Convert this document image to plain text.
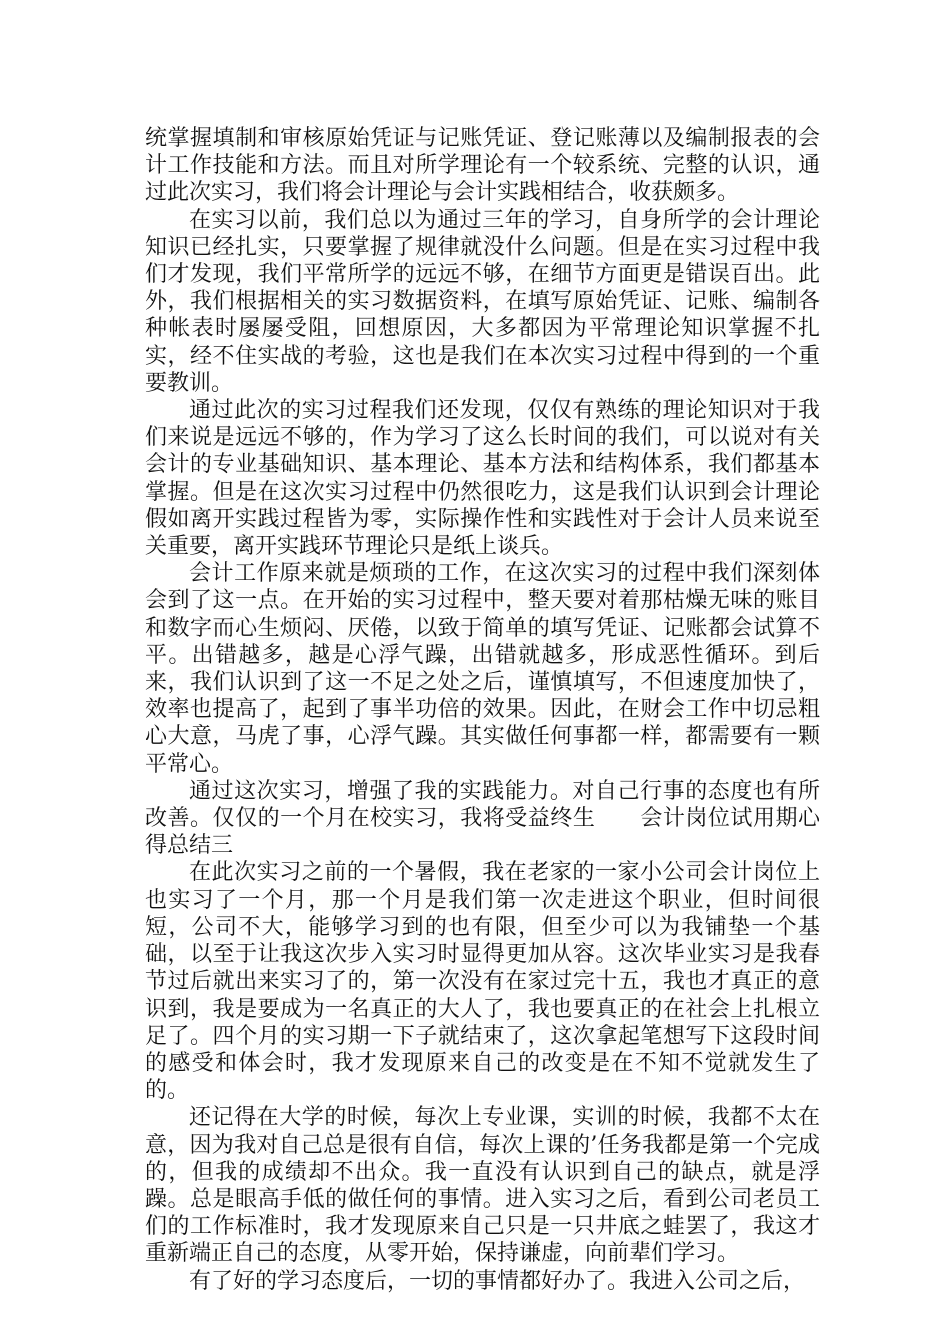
统掌握填制和审核原始凭证与记账凭证、登记账薄以及编制报表的会计工作技能和方法。而且对所学理论有一个较系统、完整的认识，通过此次实习，我们将会计理论与会计实践相结合，收获颇多。

在实习以前，我们总以为通过三年的学习，自身所学的会计理论知识已经扎实，只要掌握了规律就没什么问题。但是在实习过程中我们才发现，我们平常所学的远远不够，在细节方面更是错误百出。此外，我们根据相关的实习数据资料，在填写原始凭证、记账、编制各种帐表时屡屡受阻，回想原因，大多都因为平常理论知识掌握不扎实，经不住实战的考验，这也是我们在本次实习过程中得到的一个重要教训。

通过此次的实习过程我们还发现，仅仅有熟练的理论知识对于我们来说是远远不够的，作为学习了这么长时间的我们，可以说对有关会计的专业基础知识、基本理论、基本方法和结构体系，我们都基本掌握。但是在这次实习过程中仍然很吃力，这是我们认识到会计理论假如离开实践过程皆为零，实际操作性和实践性对于会计人员来说至关重要，离开实践环节理论只是纸上谈兵。

会计工作原来就是烦琐的工作，在这次实习的过程中我们深刻体会到了这一点。在开始的实习过程中，整天要对着那枯燥无味的账目和数字而心生烦闷、厌倦，以致于简单的填写凭证、记账都会试算不平。出错越多，越是心浮气躁，出错就越多，形成恶性循环。到后来，我们认识到了这一不足之处之后，谨慎填写，不但速度加快了，效率也提高了，起到了事半功倍的效果。因此，在财会工作中切忌粗心大意，马虎了事，心浮气躁。其实做任何事都一样，都需要有一颗平常心。

通过这次实习，增强了我的实践能力。对自己行事的态度也有所改善。仅仅的一个月在校实习，我将受益终生　　会计岗位试用期心得总结三

在此次实习之前的一个暑假，我在老家的一家小公司会计岗位上也实习了一个月，那一个月是我们第一次走进这个职业，但时间很短，公司不大，能够学习到的也有限，但至少可以为我铺垫一个基础，以至于让我这次步入实习时显得更加从容。这次毕业实习是我春节过后就出来实习了的，第一次没有在家过完十五，我也才真正的意识到，我是要成为一名真正的大人了，我也要真正的在社会上扎根立足了。四个月的实习期一下子就结束了，这次拿起笔想写下这段时间的感受和体会时，我才发现原来自己的改变是在不知不觉就发生了的。

还记得在大学的时候，每次上专业课，实训的时候，我都不太在意，因为我对自己总是很有自信，每次上课的’任务我都是第一个完成的，但我的成绩却不出众。我一直没有认识到自己的缺点，就是浮躁。总是眼高手低的做任何的事情。进入实习之后，看到公司老员工们的工作标准时，我才发现原来自己只是一只井底之蛙罢了，我这才重新端正自己的态度，从零开始，保持谦虚，向前辈们学习。

有了好的学习态度后，一切的事情都好办了。我进入公司之后，
